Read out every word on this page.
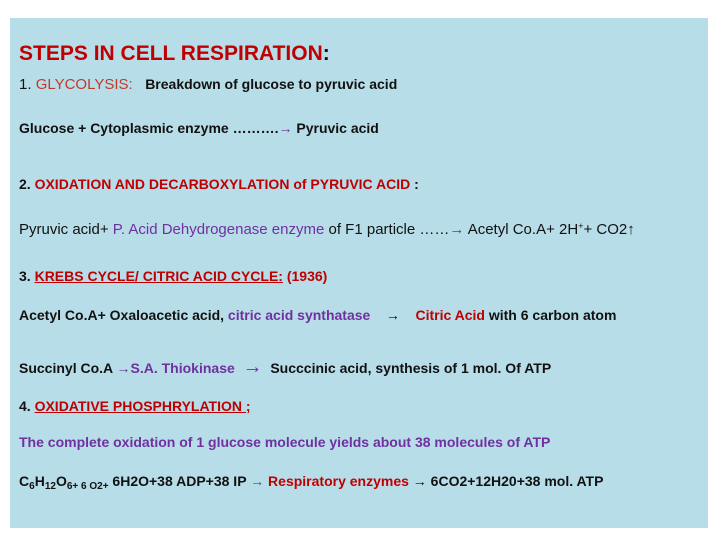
STEPS IN CELL RESPIRATION:
1. GLYCOLYSIS: Breakdown of glucose to pyruvic acid
Glucose + Cytoplasmic enzyme ……….→ Pyruvic acid
2. OXIDATION AND DECARBOXYLATION of PYRUVIC ACID :
Pyruvic acid+ P. Acid Dehydrogenase enzyme of F1 particle ……→ Acetyl Co.A+ 2H++ CO2↑
3. KREBS CYCLE/ CITRIC ACID CYCLE: (1936)
Acetyl Co.A+ Oxaloacetic acid, citric acid synthatase → Citric Acid with 6 carbon atom
Succinyl Co.A →S.A. Thiokinase → Succcinic acid, synthesis of 1 mol. Of ATP
4. OXIDATIVE PHOSPHRYLATION ;
The complete oxidation of 1 glucose molecule yields about 38 molecules of ATP
$C_6H_{12}O_{6+ 6 O2+}$ 6H2O+38 ADP+38 IP → Respiratory enzymes → 6CO2+12H20+38 mol. ATP
